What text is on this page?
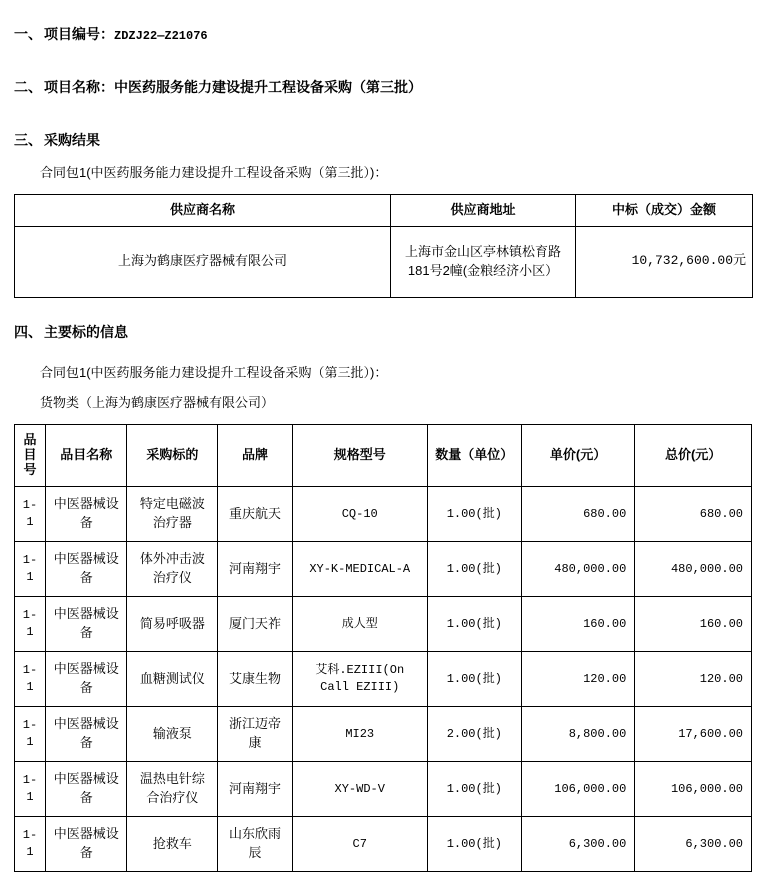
一、 项目编号：ZDZJ22—Z21076
二、 项目名称：中医药服务能力建设提升工程设备采购（第三批）
三、 采购结果
合同包1(中医药服务能力建设提升工程设备采购（第三批）)：
供应商名称	供应商地址	中标（成交）金额
上海为鹤康医疗器械有限公司	上海市金山区亭林镇松育路181号2幢(金粮经济小区）	10,732,600.00元
四、 主要标的信息
合同包1(中医药服务能力建设提升工程设备采购（第三批）)：
货物类（上海为鹤康医疗器械有限公司）
品目号	品目名称	采购标的	品牌	规格型号	数量（单位）	单价(元）	总价(元）
1-1	中医器械设备	特定电磁波治疗器	重庆航天	CQ-10	1.00(批)	680.00	680.00
1-1	中医器械设备	体外冲击波治疗仪	河南翔宇	XY-K-MEDICAL-A	1.00(批)	480,000.00	480,000.00
1-1	中医器械设备	简易呼吸器	厦门天祚	成人型	1.00(批)	160.00	160.00
1-1	中医器械设备	血糖测试仪	艾康生物	艾科.EZIII(On Call EZIII)	1.00(批)	120.00	120.00
1-1	中医器械设备	输液泵	浙江迈帝康	MI23	2.00(批)	8,800.00	17,600.00
1-1	中医器械设备	温热电针综合治疗仪	河南翔宇	XY-WD-V	1.00(批)	106,000.00	106,000.00
1-1	中医器械设备	抢救车	山东欣雨辰	C7	1.00(批)	6,300.00	6,300.00
